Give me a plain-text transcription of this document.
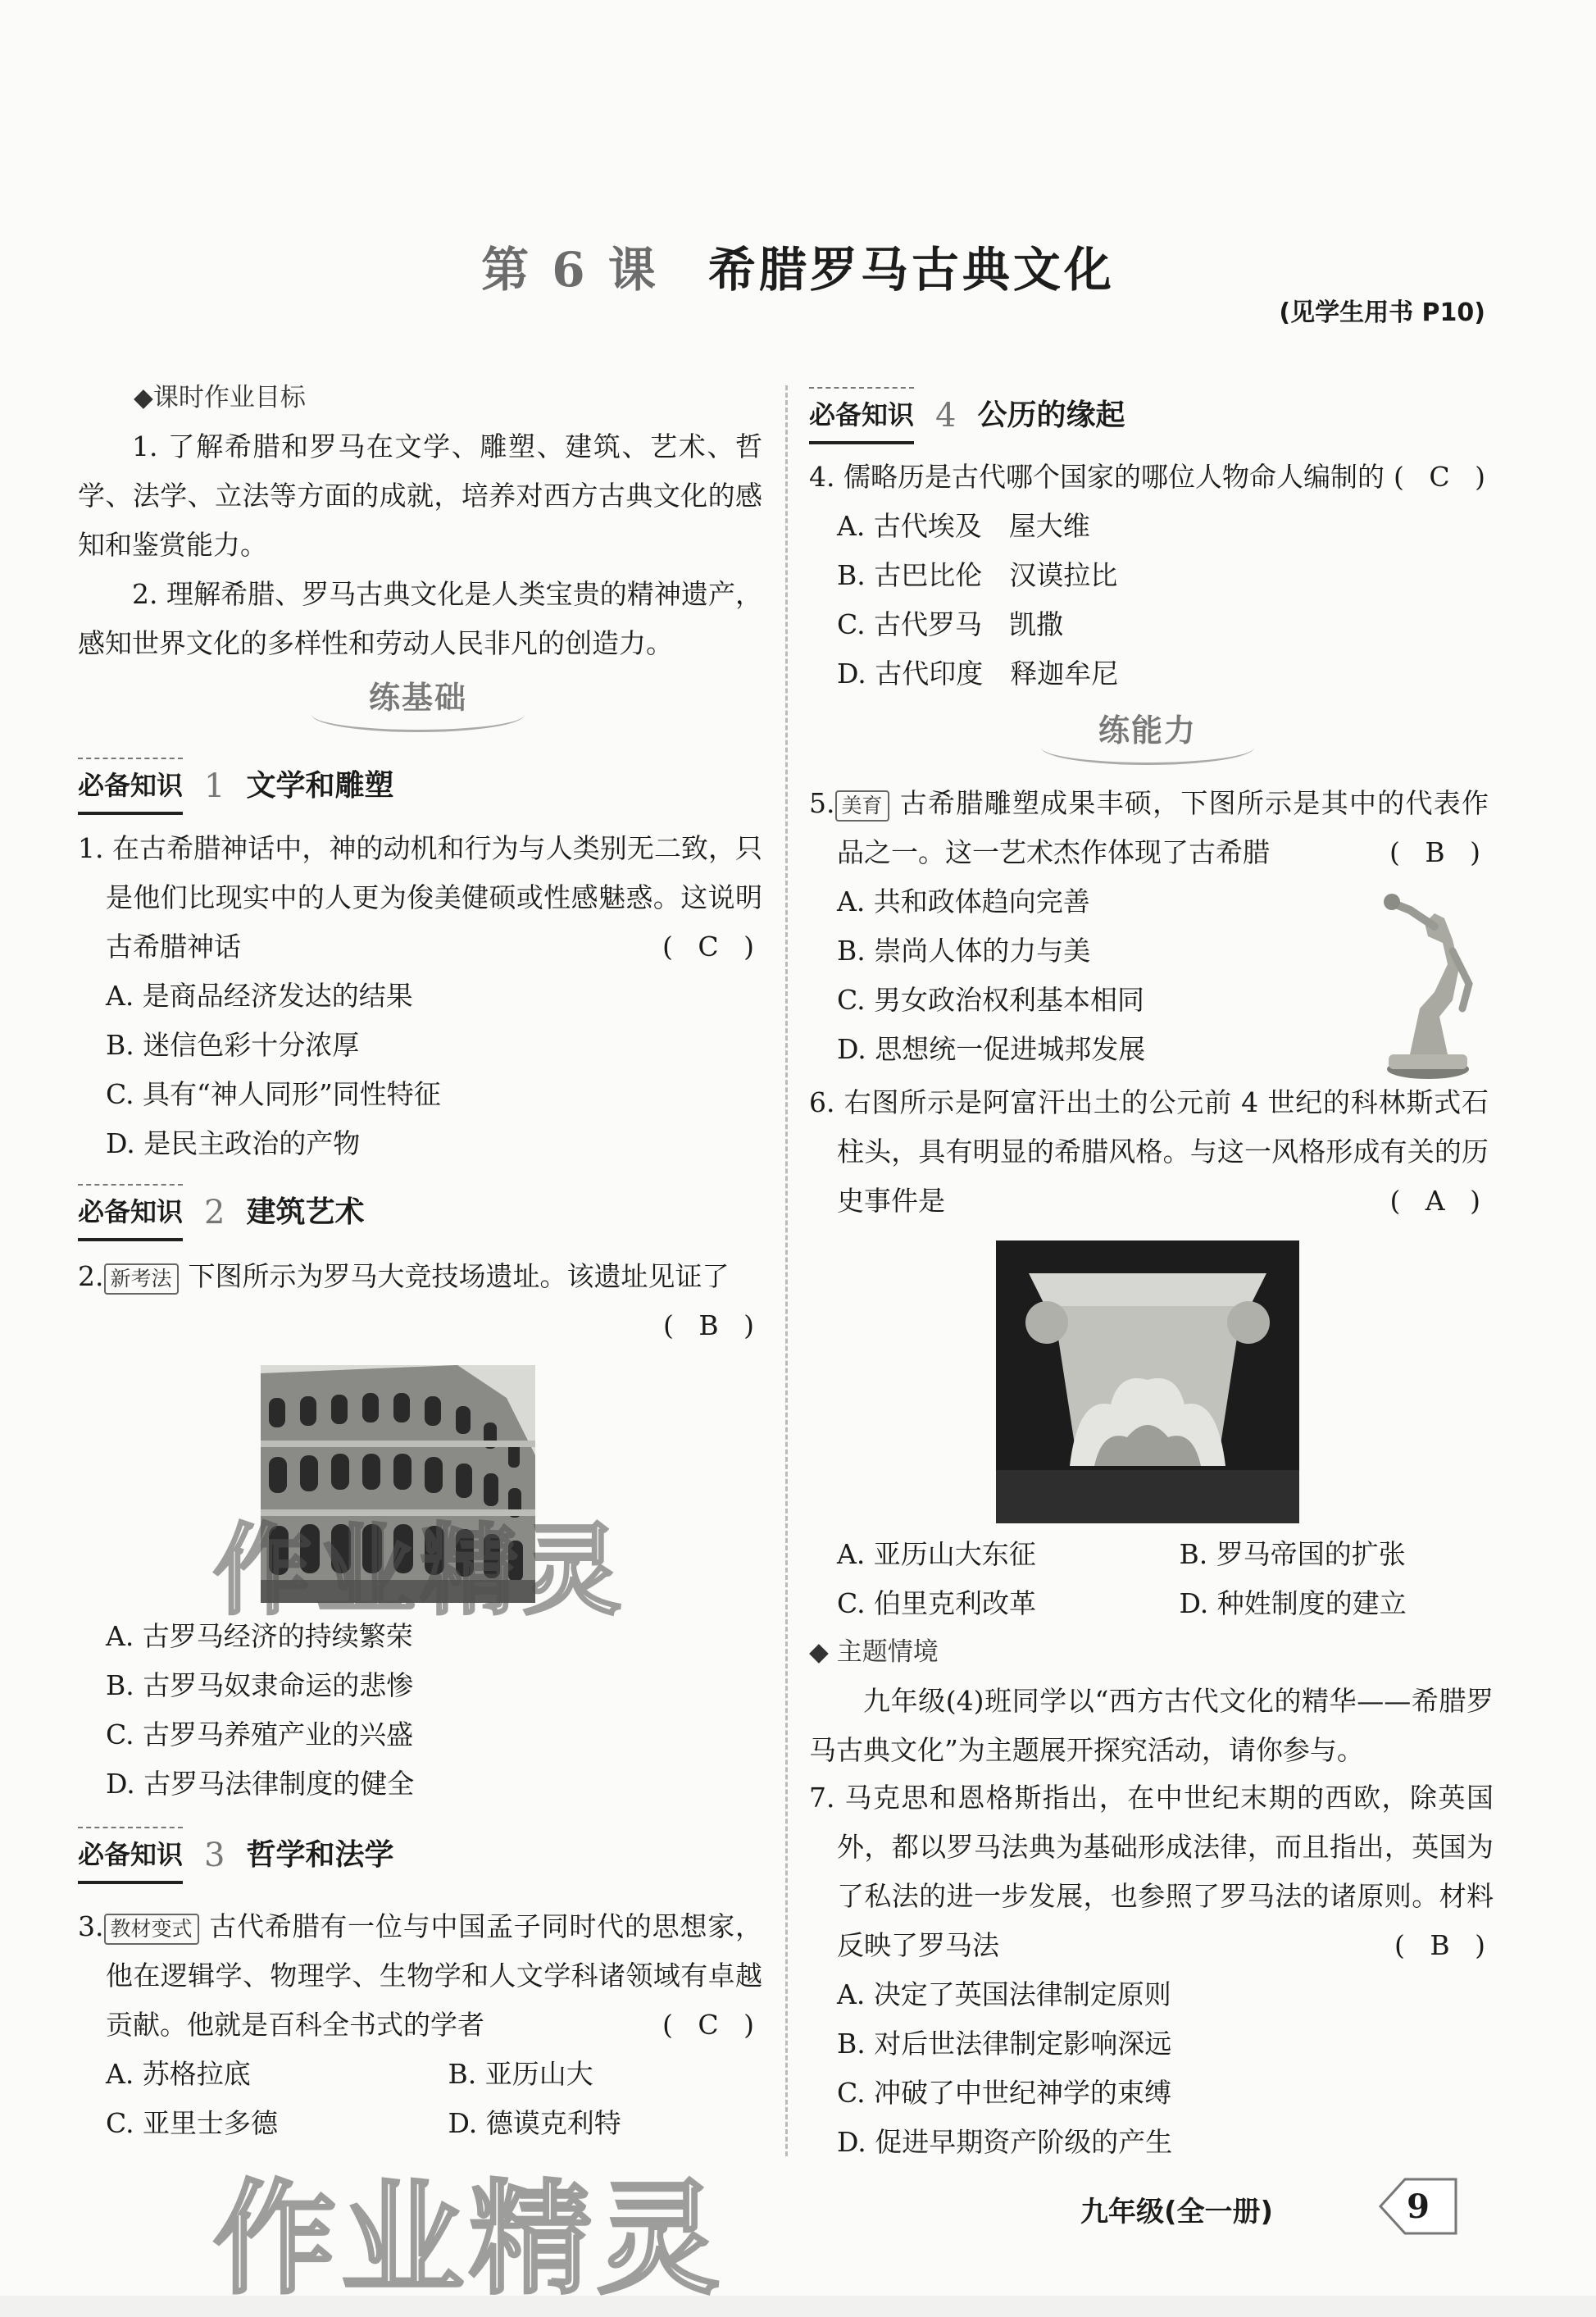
第 6 课 希腊罗马古典文化
(见学生用书 P10)
◆课时作业目标
1. 了解希腊和罗马在文学、雕塑、建筑、艺术、哲学、法学、立法等方面的成就，培养对西方古典文化的感知和鉴赏能力。
2. 理解希腊、罗马古典文化是人类宝贵的精神遗产，感知世界文化的多样性和劳动人民非凡的创造力。
练基础
必备知识 1 文学和雕塑
1. 在古希腊神话中，神的动机和行为与人类别无二致，只是他们比现实中的人更为俊美健硕或性感魅惑。这说明古希腊神话	( C )
A. 是商品经济发达的结果
B. 迷信色彩十分浓厚
C. 具有“神人同形”同性特征
D. 是民主政治的产物
必备知识 2 建筑艺术
2. 新考法 下图所示为罗马大竞技场遗址。该遗址见证了
( B )
A. 古罗马经济的持续繁荣
B. 古罗马奴隶命运的悲惨
C. 古罗马养殖产业的兴盛
D. 古罗马法律制度的健全
必备知识 3 哲学和法学
3. 教材变式 古代希腊有一位与中国孟子同时代的思想家，他在逻辑学、物理学、生物学和人文学科诸领域有卓越贡献。他就是百科全书式的学者	( C )
A. 苏格拉底	B. 亚历山大
C. 亚里士多德	D. 德谟克利特
必备知识 4 公历的缘起
4. 儒略历是古代哪个国家的哪位人物命人编制的 ( C )
A. 古代埃及　屋大维
B. 古巴比伦　汉谟拉比
C. 古代罗马　凯撒
D. 古代印度　释迦牟尼
练能力
5. 美育 古希腊雕塑成果丰硕，下图所示是其中的代表作品之一。这一艺术杰作体现了古希腊	( B )
A. 共和政体趋向完善
B. 崇尚人体的力与美
C. 男女政治权利基本相同
D. 思想统一促进城邦发展
6. 右图所示是阿富汗出土的公元前 4 世纪的科林斯式石柱头，具有明显的希腊风格。与这一风格形成有关的历史事件是	( A )
A. 亚历山大东征	B. 罗马帝国的扩张
C. 伯里克利改革	D. 种姓制度的建立
◆ 主题情境
九年级(4)班同学以“西方古代文化的精华——希腊罗马古典文化”为主题展开探究活动，请你参与。
7. 马克思和恩格斯指出，在中世纪末期的西欧，除英国外，都以罗马法典为基础形成法律，而且指出，英国为了私法的进一步发展，也参照了罗马法的诸原则。材料反映了罗马法	( B )
A. 决定了英国法律制定原则
B. 对后世法律制定影响深远
C. 冲破了中世纪神学的束缚
D. 促进早期资产阶级的产生
作业精灵
作业精灵	九年级(全一册)	9
